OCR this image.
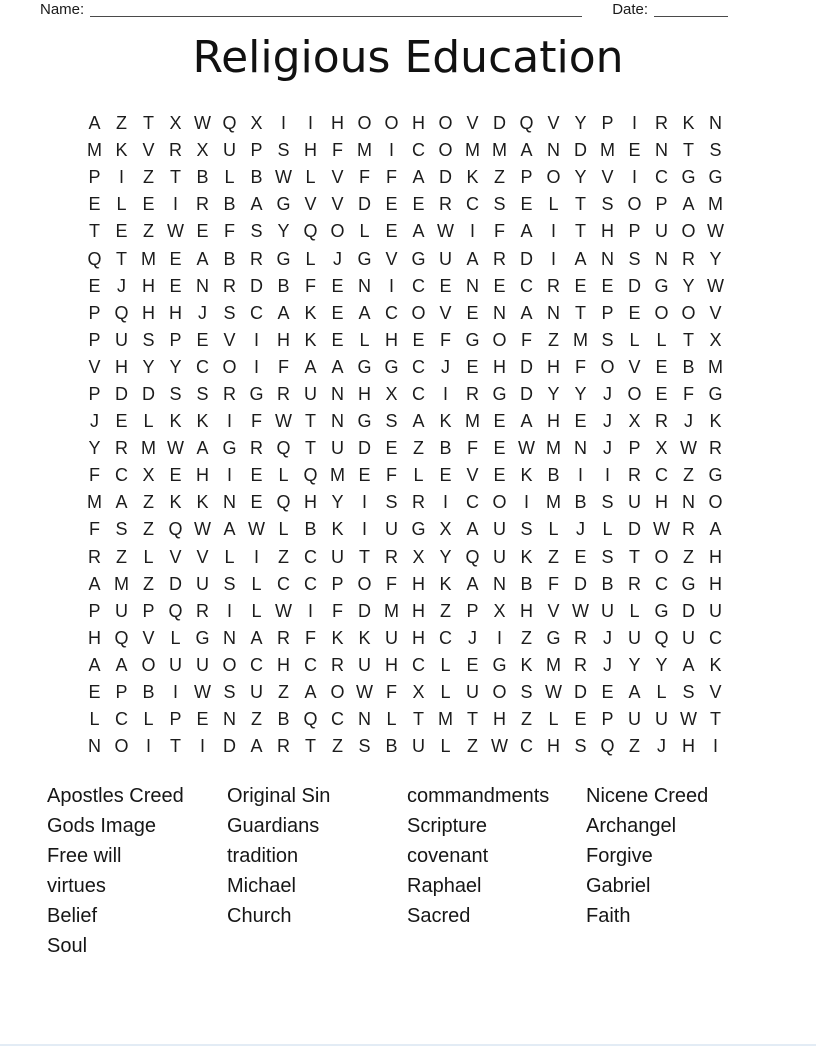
Name:	Date:
Religious Education
A Z T X W Q X	I	I	H O O H O V D Q V Y P	I	R K N
M K V R X U P S H F M I	C O M M A N D M E N T S
P	I	Z T B L B W L V F F A D K Z P O Y V	I	C G G
E L E	I	R B A G V V D E E R C S E L T S O P A M
T E Z W E F S Y Q O L E A W I	F A	I	T H P U O W
Q T M E A B R G L J G V G U A R D I	A N S N R Y
E J H E N R D B F E N I	C E N E C R E E D G Y W
P Q H H J S C A K E A C O V E N A N T P E O O V
P U S P E V	I	H K E L H E F G O F Z M S L L T X
V H Y Y C O I	F A A G G C J E H D H F O V E B M
P D D S S R G R U N H X C I	R G D Y Y J O E F G
J E L K K	I	F W T N G S A K M E A H E J X R J K
Y R M W A G R Q T U D E Z B F E W M N J P X W R
F C X E H I	E L Q M E F L E V E K B	I	I	R C Z G
M A Z K K N E Q H Y	I	S R I	C O I M B S U H N O
F S Z Q W A W L B K	I	U G X A U S L J L D W R A
R Z L V V L	I	Z C U T R X Y Q U K Z E S T O Z H
A M Z D U S L C C P O F H K A N B F D B R C G H
P U P Q R I	L W I	F D M H Z P X H V W U L G D U
H Q V L G N A R F K K U H C J	I	Z G R J U Q U C
A A O U U O C H C R U H C L E G K M R J Y Y A K
E P B	I W S U Z A O W F X L U O S W D E A L S V
L C L P E N Z B Q C N L T M T H Z L E P U U W T
N O I	T	I	D A R T Z S B U L Z W C H S Q Z J H I
Apostles Creed
Gods Image
Free will
virtues
Belief
Soul
Original Sin
Guardians
tradition
Michael
Church
commandments
Scripture
covenant
Raphael
Sacred
Nicene Creed
Archangel
Forgive
Gabriel
Faith
